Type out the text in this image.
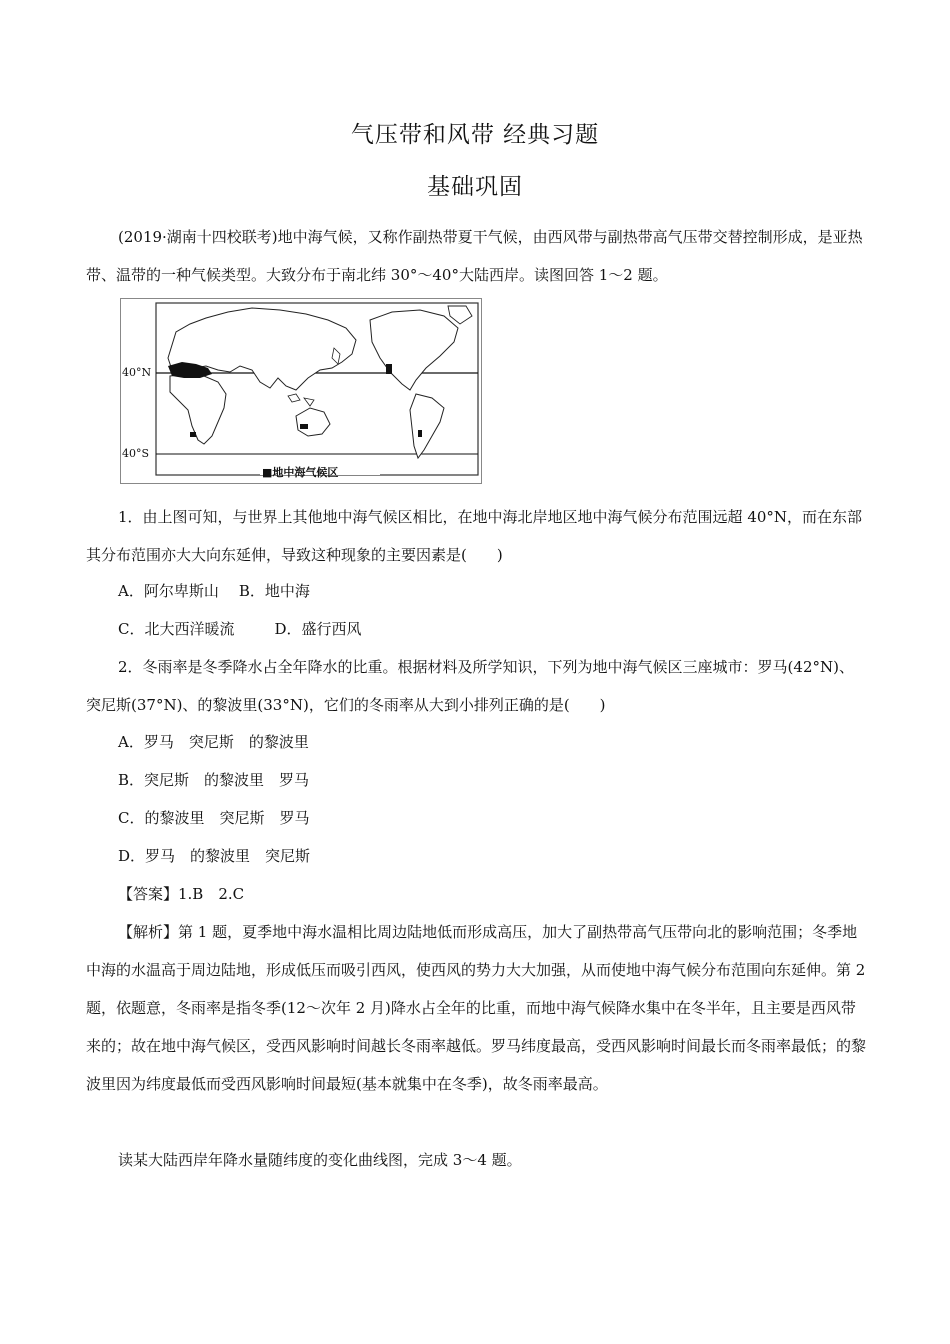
气压带和风带 经典习题
基础巩固

(2019·湖南十四校联考)地中海气候，又称作副热带夏干气候，由西风带与副热带高气压带交替控制形成，是亚热带、温带的一种气候类型。大致分布于南北纬 30°～40°大陆西岸。读图回答 1～2 题。

40°N
40°S
■地中海气候区

1．由上图可知，与世界上其他地中海气候区相比，在地中海北岸地区地中海气候分布范围远超 40°N，而在东部其分布范围亦大大向东延伸，导致这种现象的主要因素是(　　)

A．阿尔卑斯山 B．地中海
C．北大西洋暖流	D．盛行西风

2．冬雨率是冬季降水占全年降水的比重。根据材料及所学知识，下列为地中海气候区三座城市：罗马(42°N)、突尼斯(37°N)、的黎波里(33°N)，它们的冬雨率从大到小排列正确的是(　　)

A．罗马　突尼斯　的黎波里
B．突尼斯　的黎波里　罗马
C．的黎波里　突尼斯　罗马
D．罗马　的黎波里　突尼斯
【答案】1.B　2.C

【解析】第 1 题，夏季地中海水温相比周边陆地低而形成高压，加大了副热带高气压带向北的影响范围；冬季地中海的水温高于周边陆地，形成低压而吸引西风，使西风的势力大大加强，从而使地中海气候分布范围向东延伸。第 2 题，依题意，冬雨率是指冬季(12～次年 2 月)降水占全年的比重，而地中海气候降水集中在冬半年，且主要是西风带来的；故在地中海气候区，受西风影响时间越长冬雨率越低。罗马纬度最高，受西风影响时间最长而冬雨率最低；的黎波里因为纬度最低而受西风影响时间最短(基本就集中在冬季)，故冬雨率最高。

读某大陆西岸年降水量随纬度的变化曲线图，完成 3～4 题。
